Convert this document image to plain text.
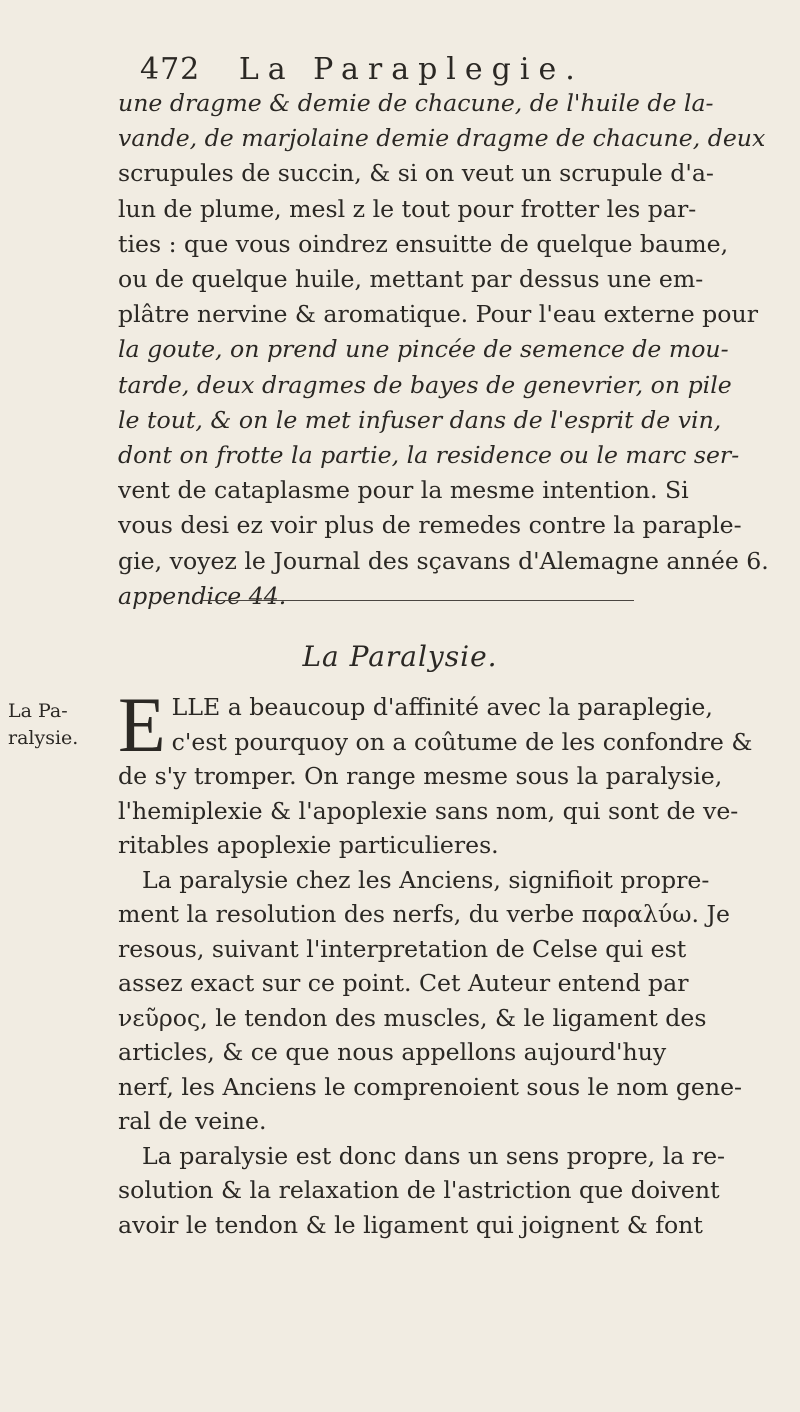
472 La Paraplegie.
une dragme & demie de chacune, de l'huile de la-
vande, de marjolaine demie dragme de chacune, deux
scrupules de succin, & si on veut un scrupule d'a-
lun de plume, mesl z le tout pour frotter les par-
ties : que vous oindrez ensuitte de quelque baume,
ou de quelque huile, mettant par dessus une em-
plâtre nervine & aromatique. Pour l'eau externe pour
la goute, on prend une pincée de semence de mou-
tarde, deux dragmes de bayes de genevrier, on pile
le tout, & on le met infuser dans de l'esprit de vin,
dont on frotte la partie, la residence ou le marc ser-
vent de cataplasme pour la mesme intention. Si
vous desi ez voir plus de remedes contre la paraple-
gie, voyez le Journal des sçavans d'Alemagne année 6.
appendice 44.
La Paralysie.
La Pa- ralysie. E LLE a beaucoup d'affinité avec la paraplegie,
c'est pourquoy on a coûtume de les confondre &
de s'y tromper. On range mesme sous la paralysie,
l'hemiplexie & l'apoplexie sans nom, qui sont de ve-
ritables apoplexie particulieres.
La paralysie chez les Anciens, signifioit propre-
ment la resolution des nerfs, du verbe παραλύω. Je
resous, suivant l'interpretation de Celse qui est
assez exact sur ce point. Cet Auteur entend par
νεῦρος, le tendon des muscles, & le ligament des
articles, & ce que nous appellons aujourd'huy
nerf, les Anciens le comprenoient sous le nom gene-
ral de veine.
La paralysie est donc dans un sens propre, la re-
solution & la relaxation de l'astriction que doivent
avoir le tendon & le ligament qui joignent & font
